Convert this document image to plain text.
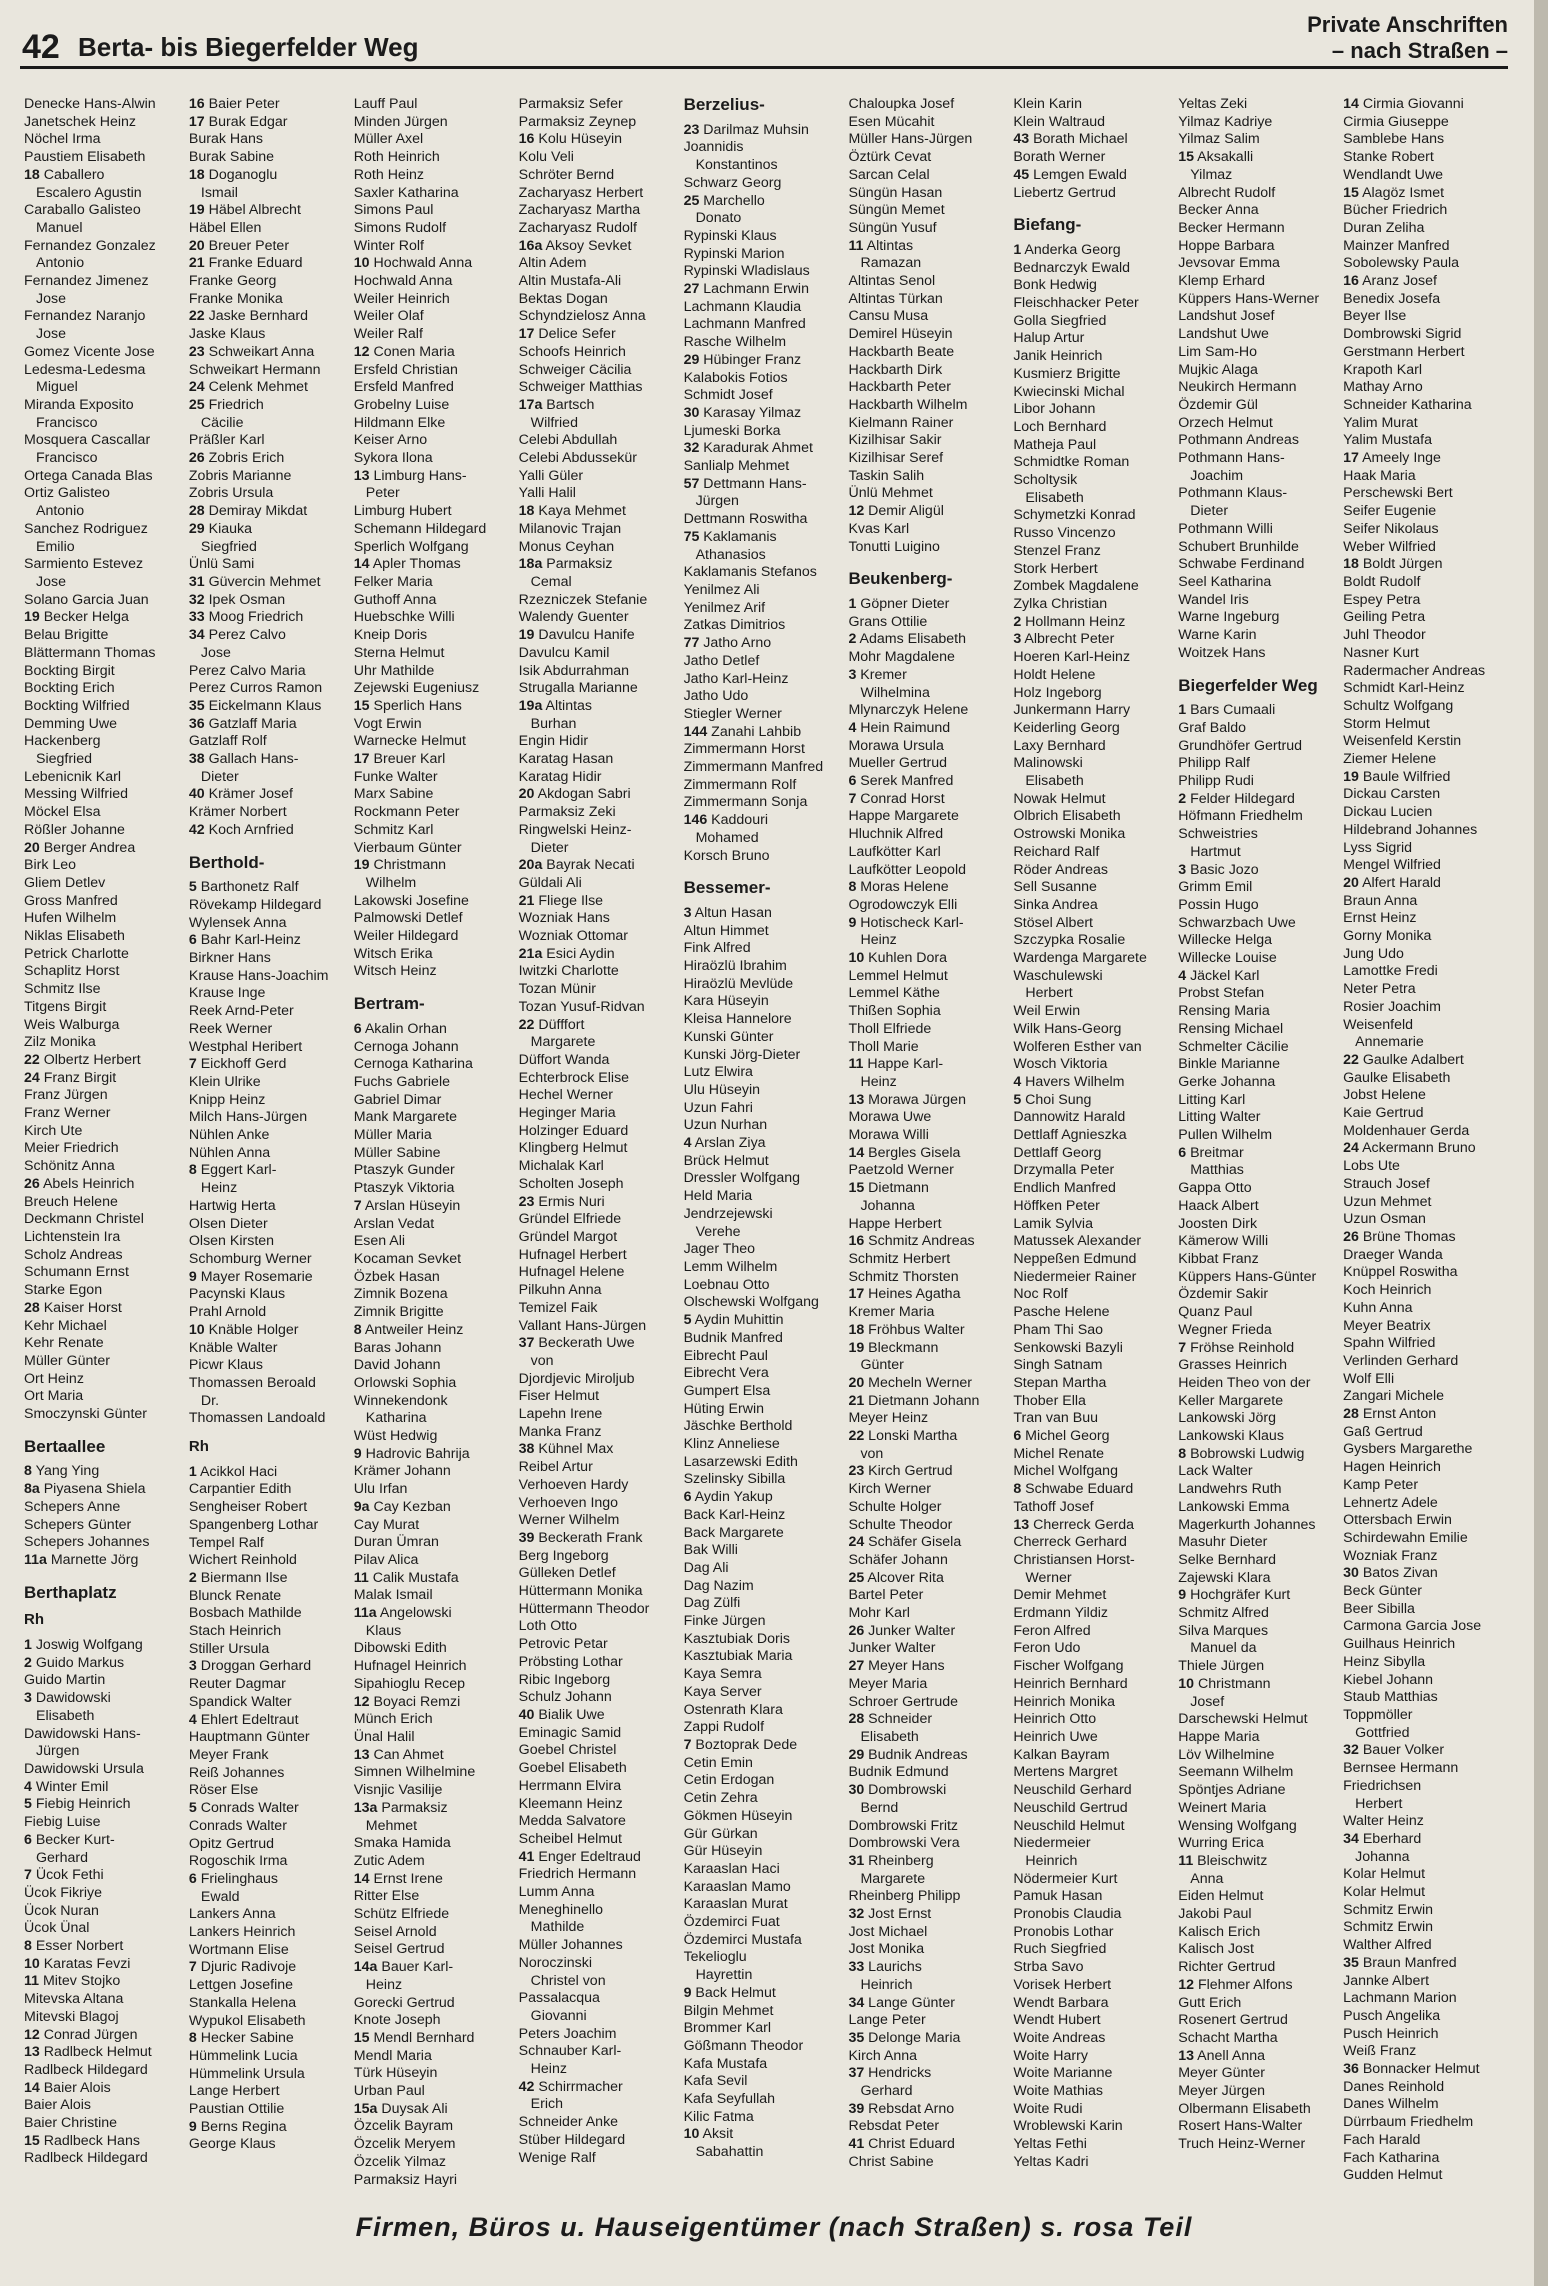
42 Berta- bis Biegerfelder Weg
Private Anschriften
– nach Straßen –
Denecke Hans-Alwin
Janetschek Heinz
Nöchel Irma
Paustiem Elisabeth
18 Caballero
Escalero Agustin
Caraballo Galisteo
Manuel
Fernandez Gonzalez
Antonio
Fernandez Jimenez
Jose
Fernandez Naranjo
Jose
Gomez Vicente Jose
Ledesma-Ledesma
Miguel
Miranda Exposito
Francisco
Mosquera Cascallar
Francisco
Ortega Canada Blas
Ortiz Galisteo
Antonio
Sanchez Rodriguez
Emilio
Sarmiento Estevez
Jose
Solano Garcia Juan
19 Becker Helga
Belau Brigitte
Blättermann Thomas
Bockting Birgit
Bockting Erich
Bockting Wilfried
Demming Uwe
Hackenberg
Siegfried
Lebenicnik Karl
Messing Wilfried
Möckel Elsa
Rößler Johanne
20 Berger Andrea
Birk Leo
Gliem Detlev
Gross Manfred
Hufen Wilhelm
Niklas Elisabeth
Petrick Charlotte
Schaplitz Horst
Schmitz Ilse
Titgens Birgit
Weis Walburga
Zilz Monika
22 Olbertz Herbert
24 Franz Birgit
Franz Jürgen
Franz Werner
Kirch Ute
Meier Friedrich
Schönitz Anna
26 Abels Heinrich
Breuch Helene
Deckmann Christel
Lichtenstein Ira
Scholz Andreas
Schumann Ernst
Starke Egon
28 Kaiser Horst
Kehr Michael
Kehr Renate
Müller Günter
Ort Heinz
Ort Maria
Smoczynski Günter
Bertaallee
8 Yang Ying
8a Piyasena Shiela
Schepers Anne
Schepers Günter
Schepers Johannes
11a Marnette Jörg
Berthaplatz
Rh
1 Joswig Wolfgang
2 Guido Markus
Guido Martin
3 Dawidowski
Elisabeth
Dawidowski Hans-
Jürgen
Dawidowski Ursula
4 Winter Emil
5 Fiebig Heinrich
Fiebig Luise
6 Becker Kurt-
Gerhard
7 Ücok Fethi
Ücok Fikriye
Ücok Nuran
Ücok Ünal
8 Esser Norbert
10 Karatas Fevzi
11 Mitev Stojko
Mitevska Altana
Mitevski Blagoj
12 Conrad Jürgen
13 Radlbeck Helmut
Radlbeck Hildegard
14 Baier Alois
Baier Alois
Baier Christine
15 Radlbeck Hans
Radlbeck Hildegard
16 Baier Peter
17 Burak Edgar
Burak Hans
Burak Sabine
18 Doganoglu
Ismail
19 Häbel Albrecht
Häbel Ellen
20 Breuer Peter
21 Franke Eduard
Franke Georg
Franke Monika
22 Jaske Bernhard
Jaske Klaus
23 Schweikart Anna
Schweikart Hermann
24 Celenk Mehmet
25 Friedrich
Cäcilie
Präßler Karl
26 Zobris Erich
Zobris Marianne
Zobris Ursula
28 Demiray Mikdat
29 Kiauka
Siegfried
Ünlü Sami
31 Güvercin Mehmet
32 Ipek Osman
33 Moog Friedrich
34 Perez Calvo
Jose
Perez Calvo Maria
Perez Curros Ramon
35 Eickelmann Klaus
36 Gatzlaff Maria
Gatzlaff Rolf
38 Gallach Hans-
Dieter
40 Krämer Josef
Krämer Norbert
42 Koch Arnfried
Berthold-
5 Barthonetz Ralf
Rövekamp Hildegard
Wylensek Anna
6 Bahr Karl-Heinz
Birkner Hans
Krause Hans-Joachim
Krause Inge
Reek Arnd-Peter
Reek Werner
Westphal Heribert
7 Eickhoff Gerd
Klein Ulrike
Knipp Heinz
Milch Hans-Jürgen
Nühlen Anke
Nühlen Anna
8 Eggert Karl-
Heinz
Hartwig Herta
Olsen Dieter
Olsen Kirsten
Schomburg Werner
9 Mayer Rosemarie
Pacynski Klaus
Prahl Arnold
10 Knäble Holger
Knäble Walter
Picwr Klaus
Thomassen Beroald
Dr.
Thomassen Landoald
Rh
1 Acikkol Haci
Carpantier Edith
Sengheiser Robert
Spangenberg Lothar
Tempel Ralf
Wichert Reinhold
2 Biermann Ilse
Blunck Renate
Bosbach Mathilde
Stach Heinrich
Stiller Ursula
3 Droggan Gerhard
Reuter Dagmar
Spandick Walter
4 Ehlert Edeltraut
Hauptmann Günter
Meyer Frank
Reiß Johannes
Röser Else
5 Conrads Walter
Conrads Walter
Opitz Gertrud
Rogoschik Irma
6 Frielinghaus
Ewald
Lankers Anna
Lankers Heinrich
Wortmann Elise
7 Djuric Radivoje
Lettgen Josefine
Stankalla Helena
Wypukol Elisabeth
8 Hecker Sabine
Hümmelink Lucia
Hümmelink Ursula
Lange Herbert
Paustian Ottilie
9 Berns Regina
George Klaus
Lauff Paul
Minden Jürgen
Müller Axel
Roth Heinrich
Roth Heinz
Saxler Katharina
Simons Paul
Simons Rudolf
Winter Rolf
10 Hochwald Anna
Hochwald Anna
Weiler Heinrich
Weiler Olaf
Weiler Ralf
12 Conen Maria
Ersfeld Christian
Ersfeld Manfred
Grobelny Luise
Hildmann Elke
Keiser Arno
Sykora Ilona
13 Limburg Hans-
Peter
Limburg Hubert
Schemann Hildegard
Sperlich Wolfgang
14 Apler Thomas
Felker Maria
Guthoff Anna
Huebschke Willi
Kneip Doris
Sterna Helmut
Uhr Mathilde
Zejewski Eugeniusz
15 Sperlich Hans
Vogt Erwin
Warnecke Helmut
17 Breuer Karl
Funke Walter
Marx Sabine
Rockmann Peter
Schmitz Karl
Vierbaum Günter
19 Christmann
Wilhelm
Lakowski Josefine
Palmowski Detlef
Weiler Hildegard
Witsch Erika
Witsch Heinz
Bertram-
6 Akalin Orhan
Cernoga Johann
Cernoga Katharina
Fuchs Gabriele
Gabriel Dimar
Mank Margarete
Müller Maria
Müller Sabine
Ptaszyk Gunder
Ptaszyk Viktoria
7 Arslan Hüseyin
Arslan Vedat
Esen Ali
Kocaman Sevket
Özbek Hasan
Zimnik Bozena
Zimnik Brigitte
8 Antweiler Heinz
Baras Johann
David Johann
Orlowski Sophia
Winnekendonk
Katharina
Wüst Hedwig
9 Hadrovic Bahrija
Krämer Johann
Ulu Irfan
9a Cay Kezban
Cay Murat
Duran Ümran
Pilav Alica
11 Calik Mustafa
Malak Ismail
11a Angelowski
Klaus
Dibowski Edith
Hufnagel Heinrich
Sipahioglu Recep
12 Boyaci Remzi
Münch Erich
Ünal Halil
13 Can Ahmet
Simnen Wilhelmine
Visnjic Vasilije
13a Parmaksiz
Mehmet
Smaka Hamida
Zutic Adem
14 Ernst Irene
Ritter Else
Schütz Elfriede
Seisel Arnold
Seisel Gertrud
14a Bauer Karl-
Heinz
Gorecki Gertrud
Knote Joseph
15 Mendl Bernhard
Mendl Maria
Türk Hüseyin
Urban Paul
15a Duysak Ali
Özcelik Bayram
Özcelik Meryem
Özcelik Yilmaz
Parmaksiz Hayri
Parmaksiz Sefer
Parmaksiz Zeynep
16 Kolu Hüseyin
Kolu Veli
Schröter Bernd
Zacharyasz Herbert
Zacharyasz Martha
Zacharyasz Rudolf
16a Aksoy Sevket
Altin Adem
Altin Mustafa-Ali
Bektas Dogan
Schyndzielosz Anna
17 Delice Sefer
Schoofs Heinrich
Schweiger Cäcilia
Schweiger Matthias
17a Bartsch
Wilfried
Celebi Abdullah
Celebi Abdussekür
Yalli Güler
Yalli Halil
18 Kaya Mehmet
Milanovic Trajan
Monus Ceyhan
18a Parmaksiz
Cemal
Rzezniczek Stefanie
Walendy Guenter
19 Davulcu Hanife
Davulcu Kamil
Isik Abdurrahman
Strugalla Marianne
19a Altintas
Burhan
Engin Hidir
Karatag Hasan
Karatag Hidir
20 Akdogan Sabri
Parmaksiz Zeki
Ringwelski Heinz-
Dieter
20a Bayrak Necati
Güldali Ali
21 Fliege Ilse
Wozniak Hans
Wozniak Ottomar
21a Esici Aydin
Iwitzki Charlotte
Tozan Münir
Tozan Yusuf-Ridvan
22 Düfffort
Margarete
Düffort Wanda
Echterbrock Elise
Hechel Werner
Heginger Maria
Holzinger Eduard
Klingberg Helmut
Michalak Karl
Scholten Joseph
23 Ermis Nuri
Gründel Elfriede
Gründel Margot
Hufnagel Herbert
Hufnagel Helene
Pilkuhn Anna
Temizel Faik
Vallant Hans-Jürgen
37 Beckerath Uwe
von
Djordjevic Miroljub
Fiser Helmut
Lapehn Irene
Manka Franz
38 Kühnel Max
Reibel Artur
Verhoeven Hardy
Verhoeven Ingo
Werner Wilhelm
39 Beckerath Frank
Berg Ingeborg
Gülleken Detlef
Hüttermann Monika
Hüttermann Theodor
Loth Otto
Petrovic Petar
Pröbsting Lothar
Ribic Ingeborg
Schulz Johann
40 Bialik Uwe
Eminagic Samid
Goebel Christel
Goebel Elisabeth
Herrmann Elvira
Kleemann Heinz
Medda Salvatore
Scheibel Helmut
41 Enger Edeltraud
Friedrich Hermann
Lumm Anna
Meneghinello
Mathilde
Müller Johannes
Noroczinski
Christel von
Passalacqua
Giovanni
Peters Joachim
Schnauber Karl-
Heinz
42 Schirrmacher
Erich
Schneider Anke
Stüber Hildegard
Wenige Ralf
Berzelius-
23 Darilmaz Muhsin
Joannidis
Konstantinos
Schwarz Georg
25 Marchello
Donato
Rypinski Klaus
Rypinski Marion
Rypinski Wladislaus
27 Lachmann Erwin
Lachmann Klaudia
Lachmann Manfred
Rasche Wilhelm
29 Hübinger Franz
Kalabokis Fotios
Schmidt Josef
30 Karasay Yilmaz
Ljumeski Borka
32 Karadurak Ahmet
Sanlialp Mehmet
57 Dettmann Hans-
Jürgen
Dettmann Roswitha
75 Kaklamanis
Athanasios
Kaklamanis Stefanos
Yenilmez Ali
Yenilmez Arif
Zatkas Dimitrios
77 Jatho Arno
Jatho Detlef
Jatho Karl-Heinz
Jatho Udo
Stiegler Werner
144 Zanahi Lahbib
Zimmermann Horst
Zimmermann Manfred
Zimmermann Rolf
Zimmermann Sonja
146 Kaddouri
Mohamed
Korsch Bruno
Bessemer-
3 Altun Hasan
Altun Himmet
Fink Alfred
Hiraözlü Ibrahim
Hiraözlü Mevlüde
Kara Hüseyin
Kleisa Hannelore
Kunski Günter
Kunski Jörg-Dieter
Lutz Elwira
Ulu Hüseyin
Uzun Fahri
Uzun Nurhan
4 Arslan Ziya
Brück Helmut
Dressler Wolfgang
Held Maria
Jendrzejewski
Verehe
Jager Theo
Lemm Wilhelm
Loebnau Otto
Olschewski Wolfgang
5 Aydin Muhittin
Budnik Manfred
Eibrecht Paul
Eibrecht Vera
Gumpert Elsa
Hüting Erwin
Jäschke Berthold
Klinz Anneliese
Lasarzewski Edith
Szelinsky Sibilla
6 Aydin Yakup
Back Karl-Heinz
Back Margarete
Bak Willi
Dag Ali
Dag Nazim
Dag Zülfi
Finke Jürgen
Kasztubiak Doris
Kasztubiak Maria
Kaya Semra
Kaya Server
Ostenrath Klara
Zappi Rudolf
7 Boztoprak Dede
Cetin Emin
Cetin Erdogan
Cetin Zehra
Gökmen Hüseyin
Gür Gürkan
Gür Hüseyin
Karaaslan Haci
Karaaslan Mamo
Karaaslan Murat
Özdemirci Fuat
Özdemirci Mustafa
Tekelioglu
Hayrettin
9 Back Helmut
Bilgin Mehmet
Brommer Karl
Gößmann Theodor
Kafa Mustafa
Kafa Sevil
Kafa Seyfullah
Kilic Fatma
10 Aksit
Sabahattin
Chaloupka Josef
Esen Mücahit
Müller Hans-Jürgen
Öztürk Cevat
Sarcan Celal
Süngün Hasan
Süngün Memet
Süngün Yusuf
11 Altintas
Ramazan
Altintas Senol
Altintas Türkan
Cansu Musa
Demirel Hüseyin
Hackbarth Beate
Hackbarth Dirk
Hackbarth Peter
Hackbarth Wilhelm
Kielmann Rainer
Kizilhisar Sakir
Kizilhisar Seref
Taskin Salih
Ünlü Mehmet
12 Demir Aligül
Kvas Karl
Tonutti Luigino
Beukenberg-
1 Göpner Dieter
Grans Ottilie
2 Adams Elisabeth
Mohr Magdalene
3 Kremer
Wilhelmina
Mlynarczyk Helene
4 Hein Raimund
Morawa Ursula
Mueller Gertrud
6 Serek Manfred
7 Conrad Horst
Happe Margarete
Hluchnik Alfred
Laufkötter Karl
Laufkötter Leopold
8 Moras Helene
Ogrodowczyk Elli
9 Hotischeck Karl-
Heinz
10 Kuhlen Dora
Lemmel Helmut
Lemmel Käthe
Thißen Sophia
Tholl Elfriede
Tholl Marie
11 Happe Karl-
Heinz
13 Morawa Jürgen
Morawa Uwe
Morawa Willi
14 Bergles Gisela
Paetzold Werner
15 Dietmann
Johanna
Happe Herbert
16 Schmitz Andreas
Schmitz Herbert
Schmitz Thorsten
17 Heines Agatha
Kremer Maria
18 Fröhbus Walter
19 Bleckmann
Günter
20 Mecheln Werner
21 Dietmann Johann
Meyer Heinz
22 Lonski Martha
von
23 Kirch Gertrud
Kirch Werner
Schulte Holger
Schulte Theodor
24 Schäfer Gisela
Schäfer Johann
25 Alcover Rita
Bartel Peter
Mohr Karl
26 Junker Walter
Junker Walter
27 Meyer Hans
Meyer Maria
Schroer Gertrude
28 Schneider
Elisabeth
29 Budnik Andreas
Budnik Edmund
30 Dombrowski
Bernd
Dombrowski Fritz
Dombrowski Vera
31 Rheinberg
Margarete
Rheinberg Philipp
32 Jost Ernst
Jost Michael
Jost Monika
33 Laurichs
Heinrich
34 Lange Günter
Lange Peter
35 Delonge Maria
Kirch Anna
37 Hendricks
Gerhard
39 Rebsdat Arno
Rebsdat Peter
41 Christ Eduard
Christ Sabine
Klein Karin
Klein Waltraud
43 Borath Michael
Borath Werner
45 Lemgen Ewald
Liebertz Gertrud
Biefang-
1 Anderka Georg
Bednarczyk Ewald
Bonk Hedwig
Fleischhacker Peter
Golla Siegfried
Halup Artur
Janik Heinrich
Kusmierz Brigitte
Kwiecinski Michal
Libor Johann
Loch Bernhard
Matheja Paul
Schmidtke Roman
Scholtysik
Elisabeth
Schymetzki Konrad
Russo Vincenzo
Stenzel Franz
Stork Herbert
Zombek Magdalene
Zylka Christian
2 Hollmann Heinz
3 Albrecht Peter
Hoeren Karl-Heinz
Holdt Helene
Holz Ingeborg
Junkermann Harry
Keiderling Georg
Laxy Bernhard
Malinowski
Elisabeth
Nowak Helmut
Olbrich Elisabeth
Ostrowski Monika
Reichard Ralf
Röder Andreas
Sell Susanne
Sinka Andrea
Stösel Albert
Szczypka Rosalie
Wardenga Margarete
Waschulewski
Herbert
Weil Erwin
Wilk Hans-Georg
Wolferen Esther van
Wosch Viktoria
4 Havers Wilhelm
5 Choi Sung
Dannowitz Harald
Dettlaff Agnieszka
Dettlaff Georg
Drzymalla Peter
Endlich Manfred
Höffken Peter
Lamik Sylvia
Matussek Alexander
Neppeßen Edmund
Niedermeier Rainer
Noc Rolf
Pasche Helene
Pham Thi Sao
Senkowski Bazyli
Singh Satnam
Stepan Martha
Thober Ella
Tran van Buu
6 Michel Georg
Michel Renate
Michel Wolfgang
8 Schwabe Eduard
Tathoff Josef
13 Cherreck Gerda
Cherreck Gerhard
Christiansen Horst-
Werner
Demir Mehmet
Erdmann Yildiz
Feron Alfred
Feron Udo
Fischer Wolfgang
Heinrich Bernhard
Heinrich Monika
Heinrich Otto
Heinrich Uwe
Kalkan Bayram
Mertens Margret
Neuschild Gerhard
Neuschild Gertrud
Neuschild Helmut
Niedermeier
Heinrich
Nödermeier Kurt
Pamuk Hasan
Pronobis Claudia
Pronobis Lothar
Ruch Siegfried
Strba Savo
Vorisek Herbert
Wendt Barbara
Wendt Hubert
Woite Andreas
Woite Harry
Woite Marianne
Woite Mathias
Woite Rudi
Wroblewski Karin
Yeltas Fethi
Yeltas Kadri
Yeltas Zeki
Yilmaz Kadriye
Yilmaz Salim
15 Aksakalli
Yilmaz
Albrecht Rudolf
Becker Anna
Becker Hermann
Hoppe Barbara
Jevsovar Emma
Klemp Erhard
Küppers Hans-Werner
Landshut Josef
Landshut Uwe
Lim Sam-Ho
Mujkic Alaga
Neukirch Hermann
Özdemir Gül
Orzech Helmut
Pothmann Andreas
Pothmann Hans-
Joachim
Pothmann Klaus-
Dieter
Pothmann Willi
Schubert Brunhilde
Schwabe Ferdinand
Seel Katharina
Wandel Iris
Warne Ingeburg
Warne Karin
Woitzek Hans
Biegerfelder Weg
1 Bars Cumaali
Graf Baldo
Grundhöfer Gertrud
Philipp Ralf
Philipp Rudi
2 Felder Hildegard
Höfmann Friedhelm
Schweistries
Hartmut
3 Basic Jozo
Grimm Emil
Possin Hugo
Schwarzbach Uwe
Willecke Helga
Willecke Louise
4 Jäckel Karl
Probst Stefan
Rensing Maria
Rensing Michael
Schmelter Cäcilie
Binkle Marianne
Gerke Johanna
Litting Karl
Litting Walter
Pullen Wilhelm
6 Breitmar
Matthias
Gappa Otto
Haack Albert
Joosten Dirk
Kämerow Willi
Kibbat Franz
Küppers Hans-Günter
Özdemir Sakir
Quanz Paul
Wegner Frieda
7 Fröhse Reinhold
Grasses Heinrich
Heiden Theo von der
Keller Margarete
Lankowski Jörg
Lankowski Klaus
8 Bobrowski Ludwig
Lack Walter
Landwehrs Ruth
Lankowski Emma
Magerkurth Johannes
Masuhr Dieter
Selke Bernhard
Zajewski Klara
9 Hochgräfer Kurt
Schmitz Alfred
Silva Marques
Manuel da
Thiele Jürgen
10 Christmann
Josef
Darschewski Helmut
Happe Maria
Löv Wilhelmine
Seemann Wilhelm
Spöntjes Adriane
Weinert Maria
Wensing Wolfgang
Wurring Erica
11 Bleischwitz
Anna
Eiden Helmut
Jakobi Paul
Kalisch Erich
Kalisch Jost
Richter Gertrud
12 Flehmer Alfons
Gutt Erich
Rosenert Gertrud
Schacht Martha
13 Anell Anna
Meyer Günter
Meyer Jürgen
Olbermann Elisabeth
Rosert Hans-Walter
Truch Heinz-Werner
14 Cirmia Giovanni
Cirmia Giuseppe
Samblebe Hans
Stanke Robert
Wendlandt Uwe
15 Alagöz Ismet
Bücher Friedrich
Duran Zeliha
Mainzer Manfred
Sobolewsky Paula
16 Aranz Josef
Benedix Josefa
Beyer Ilse
Dombrowski Sigrid
Gerstmann Herbert
Krapoth Karl
Mathay Arno
Schneider Katharina
Yalim Murat
Yalim Mustafa
17 Ameely Inge
Haak Maria
Perschewski Bert
Seifer Eugenie
Seifer Nikolaus
Weber Wilfried
18 Boldt Jürgen
Boldt Rudolf
Espey Petra
Geiling Petra
Juhl Theodor
Nasner Kurt
Radermacher Andreas
Schmidt Karl-Heinz
Schultz Wolfgang
Storm Helmut
Weisenfeld Kerstin
Ziemer Helene
19 Baule Wilfried
Dickau Carsten
Dickau Lucien
Hildebrand Johannes
Lyss Sigrid
Mengel Wilfried
20 Alfert Harald
Braun Anna
Ernst Heinz
Gorny Monika
Jung Udo
Lamottke Fredi
Neter Petra
Rosier Joachim
Weisenfeld
Annemarie
22 Gaulke Adalbert
Gaulke Elisabeth
Jobst Helene
Kaie Gertrud
Moldenhauer Gerda
24 Ackermann Bruno
Lobs Ute
Strauch Josef
Uzun Mehmet
Uzun Osman
26 Brüne Thomas
Draeger Wanda
Knüppel Roswitha
Koch Heinrich
Kuhn Anna
Meyer Beatrix
Spahn Wilfried
Verlinden Gerhard
Wolf Elli
Zangari Michele
28 Ernst Anton
Gaß Gertrud
Gysbers Margarethe
Hagen Heinrich
Kamp Peter
Lehnertz Adele
Ottersbach Erwin
Schirdewahn Emilie
Wozniak Franz
30 Batos Zivan
Beck Günter
Beer Sibilla
Carmona Garcia Jose
Guilhaus Heinrich
Heinz Sibylla
Kiebel Johann
Staub Matthias
Toppmöller
Gottfried
32 Bauer Volker
Bernsee Hermann
Friedrichsen
Herbert
Walter Heinz
34 Eberhard
Johanna
Kolar Helmut
Kolar Helmut
Schmitz Erwin
Schmitz Erwin
Walther Alfred
35 Braun Manfred
Jannke Albert
Lachmann Marion
Pusch Angelika
Pusch Heinrich
Weiß Franz
36 Bonnacker Helmut
Danes Reinhold
Danes Wilhelm
Dürrbaum Friedhelm
Fach Harald
Fach Katharina
Gudden Helmut
Firmen, Büros u. Hauseigentümer (nach Straßen) s. rosa Teil
